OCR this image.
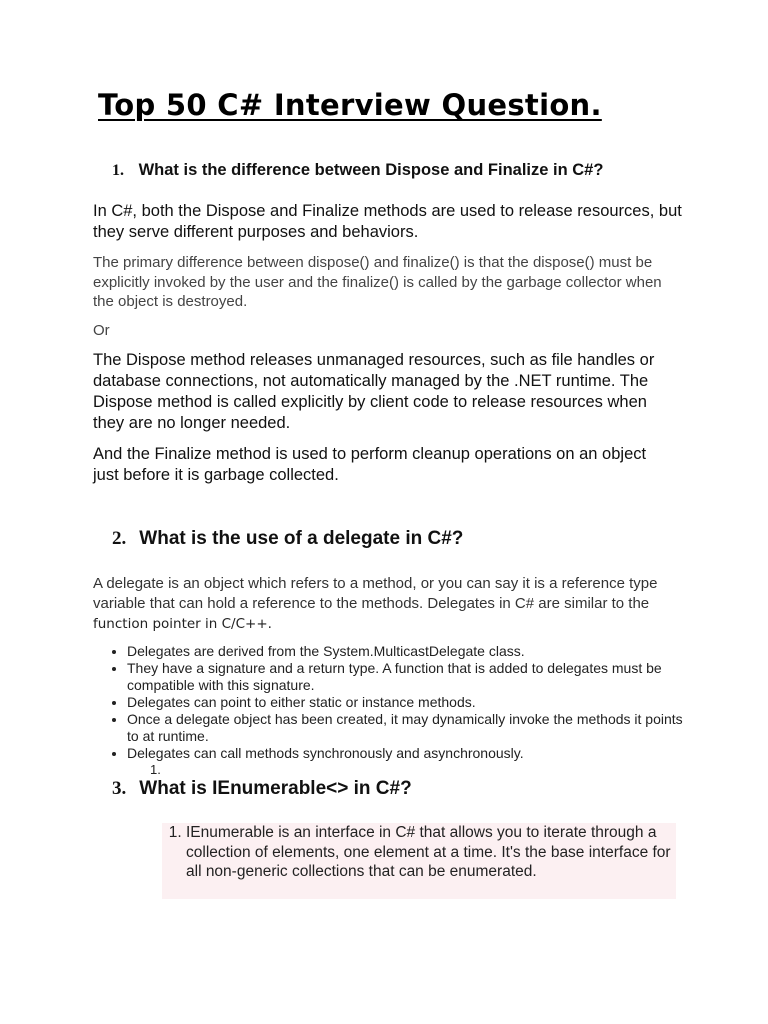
Top 50 C# Interview Question.
1. What is the difference between Dispose and Finalize in C#?

In C#, both the Dispose and Finalize methods are used to release resources, but they serve different purposes and behaviors.

The primary difference between dispose() and finalize() is that the dispose() must be explicitly invoked by the user and the finalize() is called by the garbage collector when the object is destroyed.

Or

The Dispose method releases unmanaged resources, such as file handles or database connections, not automatically managed by the .NET runtime. The Dispose method is called explicitly by client code to release resources when they are no longer needed.

And the Finalize method is used to perform cleanup operations on an object just before it is garbage collected.

2. What is the use of a delegate in C#?

A delegate is an object which refers to a method, or you can say it is a reference type variable that can hold a reference to the methods. Delegates in C# are similar to the function pointer in C/C++.

• Delegates are derived from the System.MulticastDelegate class.
• They have a signature and a return type. A function that is added to delegates must be compatible with this signature.
• Delegates can point to either static or instance methods.
• Once a delegate object has been created, it may dynamically invoke the methods it points to at runtime.
• Delegates can call methods synchronously and asynchronously.
1.
3. What is IEnumerable<> in C#?
1. IEnumerable is an interface in C# that allows you to iterate through a collection of elements, one element at a time. It's the base interface for all non-generic collections that can be enumerated.
